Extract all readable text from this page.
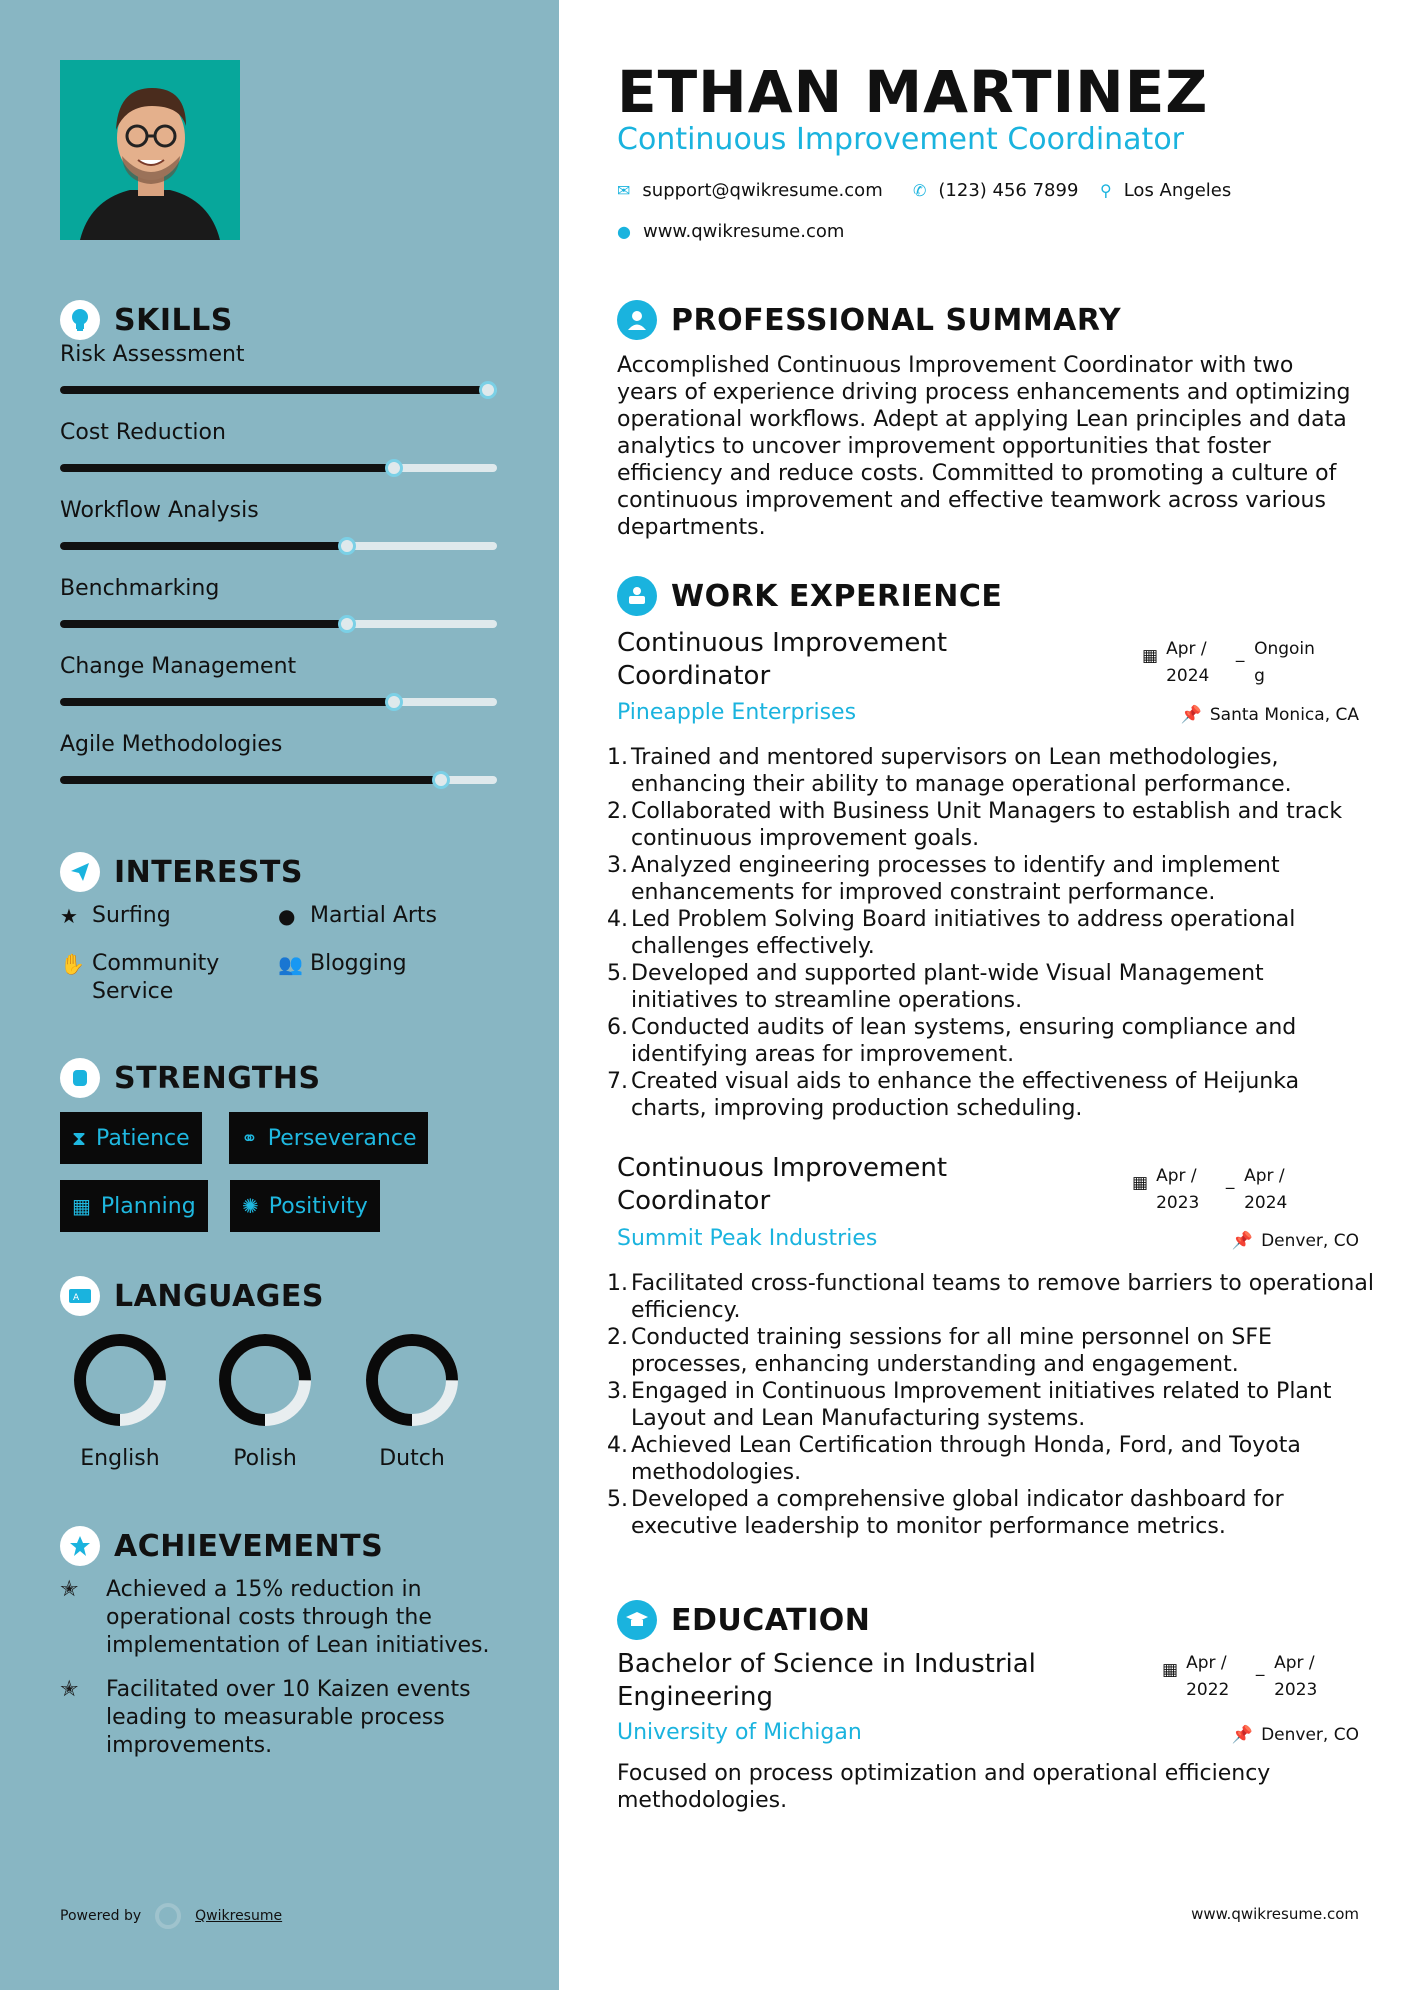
SKILLS
Risk Assessment
Cost Reduction
Workflow Analysis
Benchmarking
Change Management
Agile Methodologies
INTERESTS
★ Surfing	● Martial Arts
✋ Community Service
👥 Blogging
STRENGTHS
⧗ Patience	⚭ Perseverance
▦ Planning ✺ Positivity
A LANGUAGES
English	Polish	Dutch
ACHIEVEMENTS
✭	Achieved a 15% reduction in operational costs through the implementation of Lean initiatives.
✭	Facilitated over 10 Kaizen events leading to measurable process improvements.
Powered by	Qwikresume
ETHAN MARTINEZ
Continuous Improvement Coordinator
✉ support@qwikresume.com ✆ (123) 456 7899 ⚲ Los Angeles
● www.qwikresume.com
PROFESSIONAL SUMMARY
Accomplished Continuous Improvement Coordinator with two years of experience driving process enhancements and optimizing operational workflows. Adept at applying Lean principles and data analytics to uncover improvement opportunities that foster efficiency and reduce costs. Committed to promoting a culture of continuous improvement and effective teamwork across various departments.
WORK EXPERIENCE
Continuous Improvement Coordinator
▦ Apr / 2024
_ Ongoin g
Pineapple Enterprises	📌 Santa Monica, CA
1. Trained and mentored supervisors on Lean methodologies, enhancing their ability to manage operational performance.
2. Collaborated with Business Unit Managers to establish and track continuous improvement goals.
3. Analyzed engineering processes to identify and implement enhancements for improved constraint performance.
4. Led Problem Solving Board initiatives to address operational challenges effectively.
5. Developed and supported plant-wide Visual Management initiatives to streamline operations.
6. Conducted audits of lean systems, ensuring compliance and identifying areas for improvement.
7. Created visual aids to enhance the effectiveness of Heijunka charts, improving production scheduling.
Continuous Improvement Coordinator
▦ Apr / 2023
_ Apr / 2024
Summit Peak Industries	📌 Denver, CO
1. Facilitated cross-functional teams to remove barriers to operational efficiency.
2. Conducted training sessions for all mine personnel on SFE processes, enhancing understanding and engagement.
3. Engaged in Continuous Improvement initiatives related to Plant Layout and Lean Manufacturing systems.
4. Achieved Lean Certification through Honda, Ford, and Toyota methodologies.
5. Developed a comprehensive global indicator dashboard for executive leadership to monitor performance metrics.
EDUCATION
Bachelor of Science in Industrial Engineering
▦ Apr / 2022
_ Apr / 2023
University of Michigan	📌 Denver, CO
Focused on process optimization and operational efficiency methodologies.
www.qwikresume.com
